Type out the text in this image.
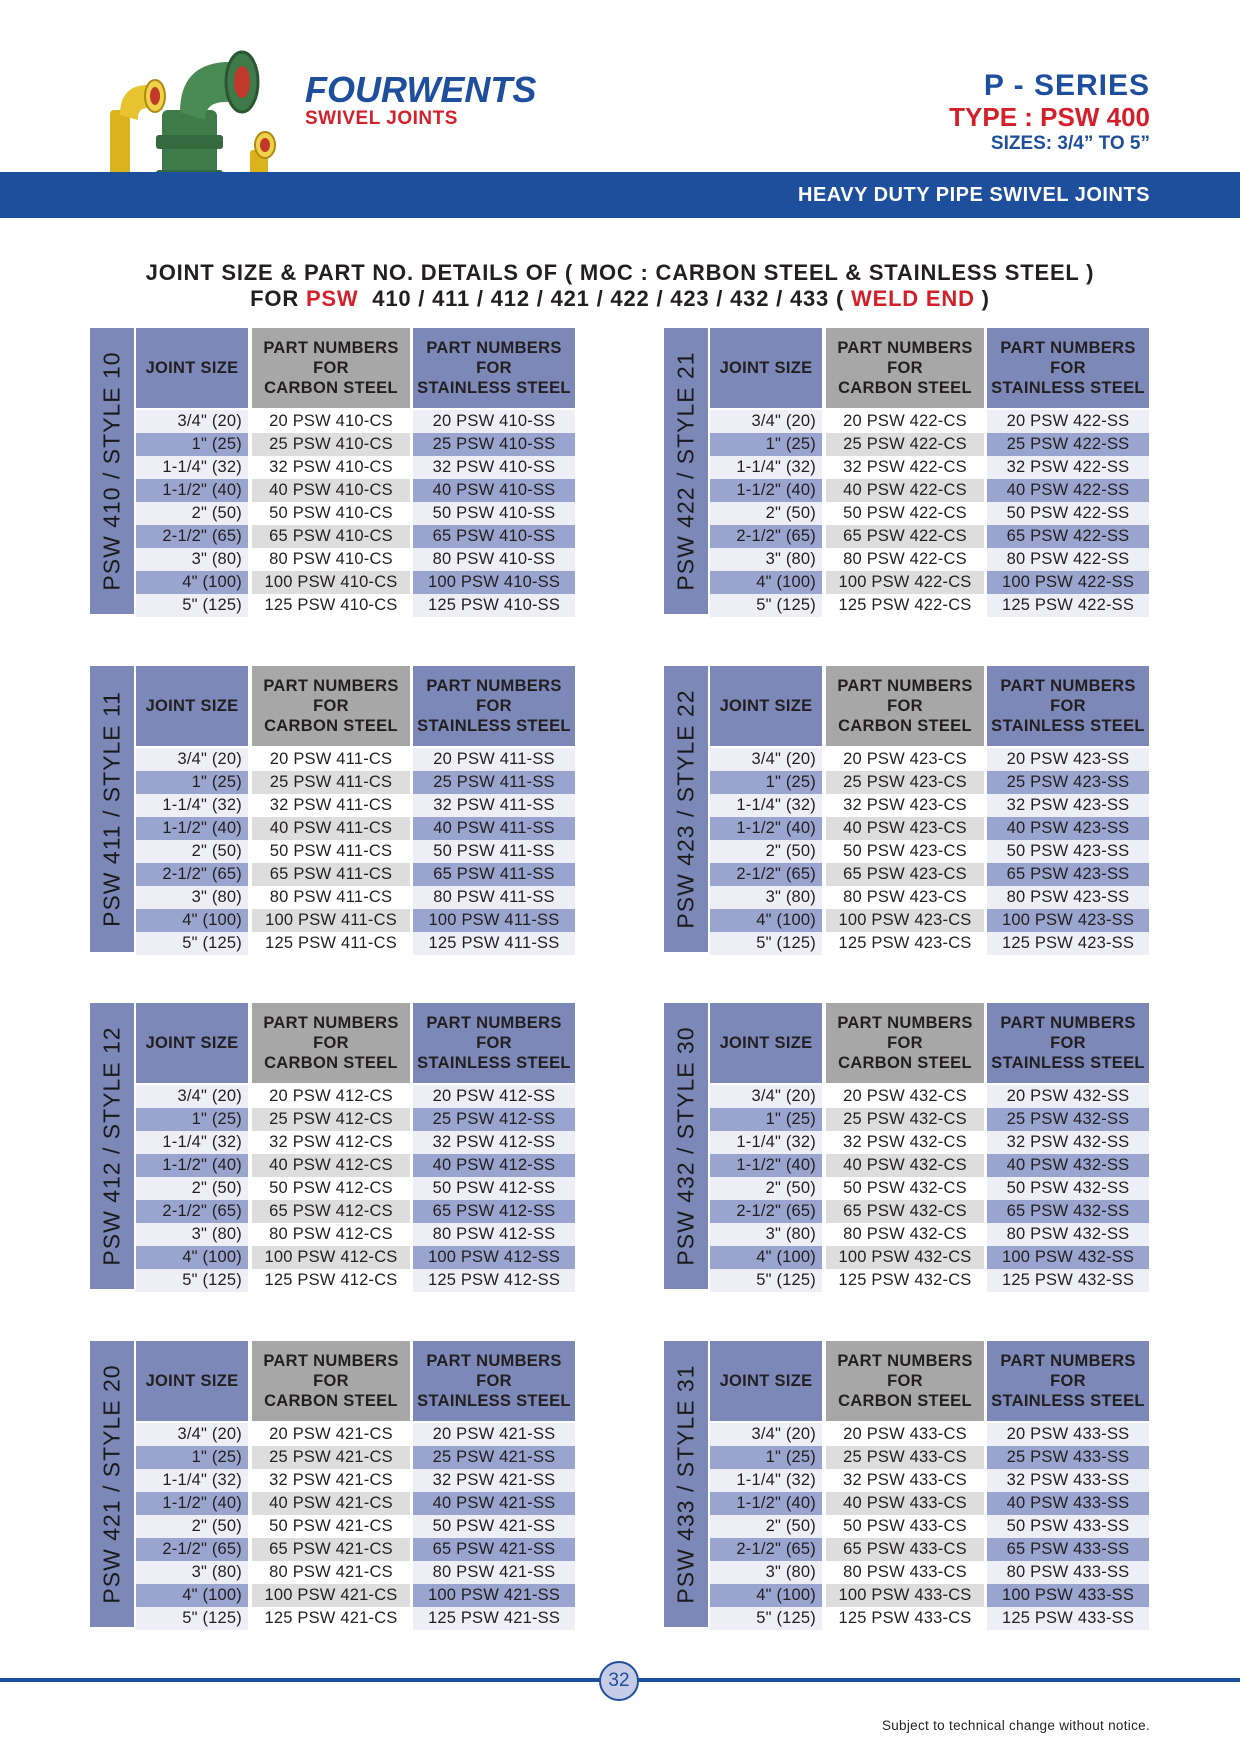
FOURWENTS
SWIVEL JOINTS
P - SERIES
TYPE : PSW 400
SIZES: 3/4” TO 5”
HEAVY DUTY PIPE SWIVEL JOINTS
JOINT SIZE & PART NO. DETAILS OF ( MOC : CARBON STEEL & STAINLESS STEEL )
FOR PSW  410 / 411 / 412 / 421 / 422 / 423 / 432 / 433 ( WELD END )
PSW 410 / STYLE 10	JOINT SIZE
PART NUMBERS
FOR
CARBON STEEL
PART NUMBERS
FOR
STAINLESS STEEL
3/4" (20)	20 PSW 410-CS	20 PSW 410-SS
1" (25)	25 PSW 410-CS	25 PSW 410-SS
1-1/4" (32)	32 PSW 410-CS	32 PSW 410-SS
1-1/2" (40)	40 PSW 410-CS	40 PSW 410-SS
2" (50)	50 PSW 410-CS	50 PSW 410-SS
2-1/2" (65)	65 PSW 410-CS	65 PSW 410-SS
3" (80)	80 PSW 410-CS	80 PSW 410-SS
4" (100)	100 PSW 410-CS	100 PSW 410-SS
5" (125)	125 PSW 410-CS	125 PSW 410-SS
PSW 422 / STYLE 21	JOINT SIZE
PART NUMBERS
FOR
CARBON STEEL
PART NUMBERS
FOR
STAINLESS STEEL
3/4" (20)	20 PSW 422-CS	20 PSW 422-SS
1" (25)	25 PSW 422-CS	25 PSW 422-SS
1-1/4" (32)	32 PSW 422-CS	32 PSW 422-SS
1-1/2" (40)	40 PSW 422-CS	40 PSW 422-SS
2" (50)	50 PSW 422-CS	50 PSW 422-SS
2-1/2" (65)	65 PSW 422-CS	65 PSW 422-SS
3" (80)	80 PSW 422-CS	80 PSW 422-SS
4" (100)	100 PSW 422-CS	100 PSW 422-SS
5" (125)	125 PSW 422-CS	125 PSW 422-SS
PSW 411 / STYLE 11	JOINT SIZE
PART NUMBERS
FOR
CARBON STEEL
PART NUMBERS
FOR
STAINLESS STEEL
3/4" (20)	20 PSW 411-CS	20 PSW 411-SS
1" (25)	25 PSW 411-CS	25 PSW 411-SS
1-1/4" (32)	32 PSW 411-CS	32 PSW 411-SS
1-1/2" (40)	40 PSW 411-CS	40 PSW 411-SS
2" (50)	50 PSW 411-CS	50 PSW 411-SS
2-1/2" (65)	65 PSW 411-CS	65 PSW 411-SS
3" (80)	80 PSW 411-CS	80 PSW 411-SS
4" (100)	100 PSW 411-CS	100 PSW 411-SS
5" (125)	125 PSW 411-CS	125 PSW 411-SS
PSW 423 / STYLE 22	JOINT SIZE
PART NUMBERS
FOR
CARBON STEEL
PART NUMBERS
FOR
STAINLESS STEEL
3/4" (20)	20 PSW 423-CS	20 PSW 423-SS
1" (25)	25 PSW 423-CS	25 PSW 423-SS
1-1/4" (32)	32 PSW 423-CS	32 PSW 423-SS
1-1/2" (40)	40 PSW 423-CS	40 PSW 423-SS
2" (50)	50 PSW 423-CS	50 PSW 423-SS
2-1/2" (65)	65 PSW 423-CS	65 PSW 423-SS
3" (80)	80 PSW 423-CS	80 PSW 423-SS
4" (100)	100 PSW 423-CS	100 PSW 423-SS
5" (125)	125 PSW 423-CS	125 PSW 423-SS
PSW 412 / STYLE 12	JOINT SIZE
PART NUMBERS
FOR
CARBON STEEL
PART NUMBERS
FOR
STAINLESS STEEL
3/4" (20)	20 PSW 412-CS	20 PSW 412-SS
1" (25)	25 PSW 412-CS	25 PSW 412-SS
1-1/4" (32)	32 PSW 412-CS	32 PSW 412-SS
1-1/2" (40)	40 PSW 412-CS	40 PSW 412-SS
2" (50)	50 PSW 412-CS	50 PSW 412-SS
2-1/2" (65)	65 PSW 412-CS	65 PSW 412-SS
3" (80)	80 PSW 412-CS	80 PSW 412-SS
4" (100)	100 PSW 412-CS	100 PSW 412-SS
5" (125)	125 PSW 412-CS	125 PSW 412-SS
PSW 432 / STYLE 30	JOINT SIZE
PART NUMBERS
FOR
CARBON STEEL
PART NUMBERS
FOR
STAINLESS STEEL
3/4" (20)	20 PSW 432-CS	20 PSW 432-SS
1" (25)	25 PSW 432-CS	25 PSW 432-SS
1-1/4" (32)	32 PSW 432-CS	32 PSW 432-SS
1-1/2" (40)	40 PSW 432-CS	40 PSW 432-SS
2" (50)	50 PSW 432-CS	50 PSW 432-SS
2-1/2" (65)	65 PSW 432-CS	65 PSW 432-SS
3" (80)	80 PSW 432-CS	80 PSW 432-SS
4" (100)	100 PSW 432-CS	100 PSW 432-SS
5" (125)	125 PSW 432-CS	125 PSW 432-SS
PSW 421 / STYLE 20	JOINT SIZE
PART NUMBERS
FOR
CARBON STEEL
PART NUMBERS
FOR
STAINLESS STEEL
3/4" (20)	20 PSW 421-CS	20 PSW 421-SS
1" (25)	25 PSW 421-CS	25 PSW 421-SS
1-1/4" (32)	32 PSW 421-CS	32 PSW 421-SS
1-1/2" (40)	40 PSW 421-CS	40 PSW 421-SS
2" (50)	50 PSW 421-CS	50 PSW 421-SS
2-1/2" (65)	65 PSW 421-CS	65 PSW 421-SS
3" (80)	80 PSW 421-CS	80 PSW 421-SS
4" (100)	100 PSW 421-CS	100 PSW 421-SS
5" (125)	125 PSW 421-CS	125 PSW 421-SS
PSW 433 / STYLE 31	JOINT SIZE
PART NUMBERS
FOR
CARBON STEEL
PART NUMBERS
FOR
STAINLESS STEEL
3/4" (20)	20 PSW 433-CS	20 PSW 433-SS
1" (25)	25 PSW 433-CS	25 PSW 433-SS
1-1/4" (32)	32 PSW 433-CS	32 PSW 433-SS
1-1/2" (40)	40 PSW 433-CS	40 PSW 433-SS
2" (50)	50 PSW 433-CS	50 PSW 433-SS
2-1/2" (65)	65 PSW 433-CS	65 PSW 433-SS
3" (80)	80 PSW 433-CS	80 PSW 433-SS
4" (100)	100 PSW 433-CS	100 PSW 433-SS
5" (125)	125 PSW 433-CS	125 PSW 433-SS
32
Subject to technical change without notice.
